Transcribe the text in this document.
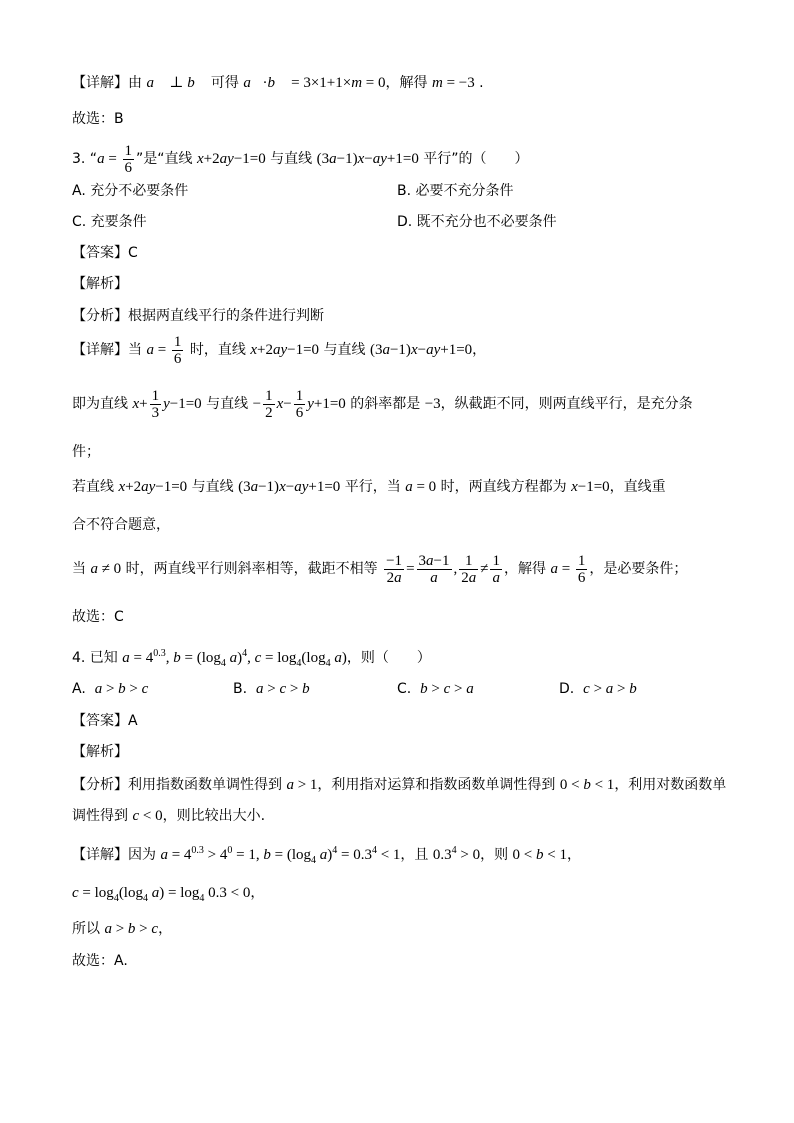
【详解】由 a⃗ ⊥ b⃗ 可得 a⃗·b⃗ = 3×1+1×m = 0，解得 m = −3 .
故选：B
3. “$a = \frac{1}{6}$ ”是“直线 x+2ay−1=0 与直线 (3a−1)x−ay+1=0 平行”的（　　）
A. 充分不必要条件	B. 必要不充分条件
C. 充要条件	D. 既不充分也不必要条件
【答案】C
【解析】
【分析】根据两直线平行的条件进行判断
【详解】当 $a = \frac{1}{6}$ 时，直线 x+2ay−1=0 与直线 (3a−1)x−ay+1=0，
即为直线 $x+ \frac{1}{3} y-1=0$ 与直线 − $\frac{1}{2} x- \frac{1}{6} y+1=0$ 的斜率都是 −3，纵截距不同，则两直线平行，是充分条
件；
若直线 x+2ay−1=0 与直线 (3a−1)x−ay+1=0 平行，当 a = 0 时，两直线方程都为 x−1=0，直线重
合不符合题意，
当 a ≠ 0 时，两直线平行则斜率相等，截距不相等 $\frac{-1}{2a} = \frac{3a-1}{a}$ , $\frac{1}{2a} \ne \frac{1}{a}$ ，解得 $a = \frac{1}{6}$ ，是必要条件；
故选：C
4. 已知 $a = 4^{0.3}$, $b = (\log_4$ a)$^4$, $c = \log_4(\log_4$ a)，则（　　）
A.  a > b > c	B.  a > c > b	C.  b > c > a	D.  c > a > b
【答案】A
【解析】
【分析】利用指数函数单调性得到 a > 1，利用指对运算和指数函数单调性得到 0 < b < 1，利用对数函数单
调性得到 c < 0，则比较出大小.
【详解】因为 $a = 4^{0.3} > 4^0 = 1$, $b = (\log_4$ $a)^4 = 0.3^4 < 1$，且 $0.3^4 > 0$，则 0 < b < 1，
$c = \log_4(\log_4$ $a) = \log_4 0.3 < 0$，
所以 a > b > c，
故选：A.
